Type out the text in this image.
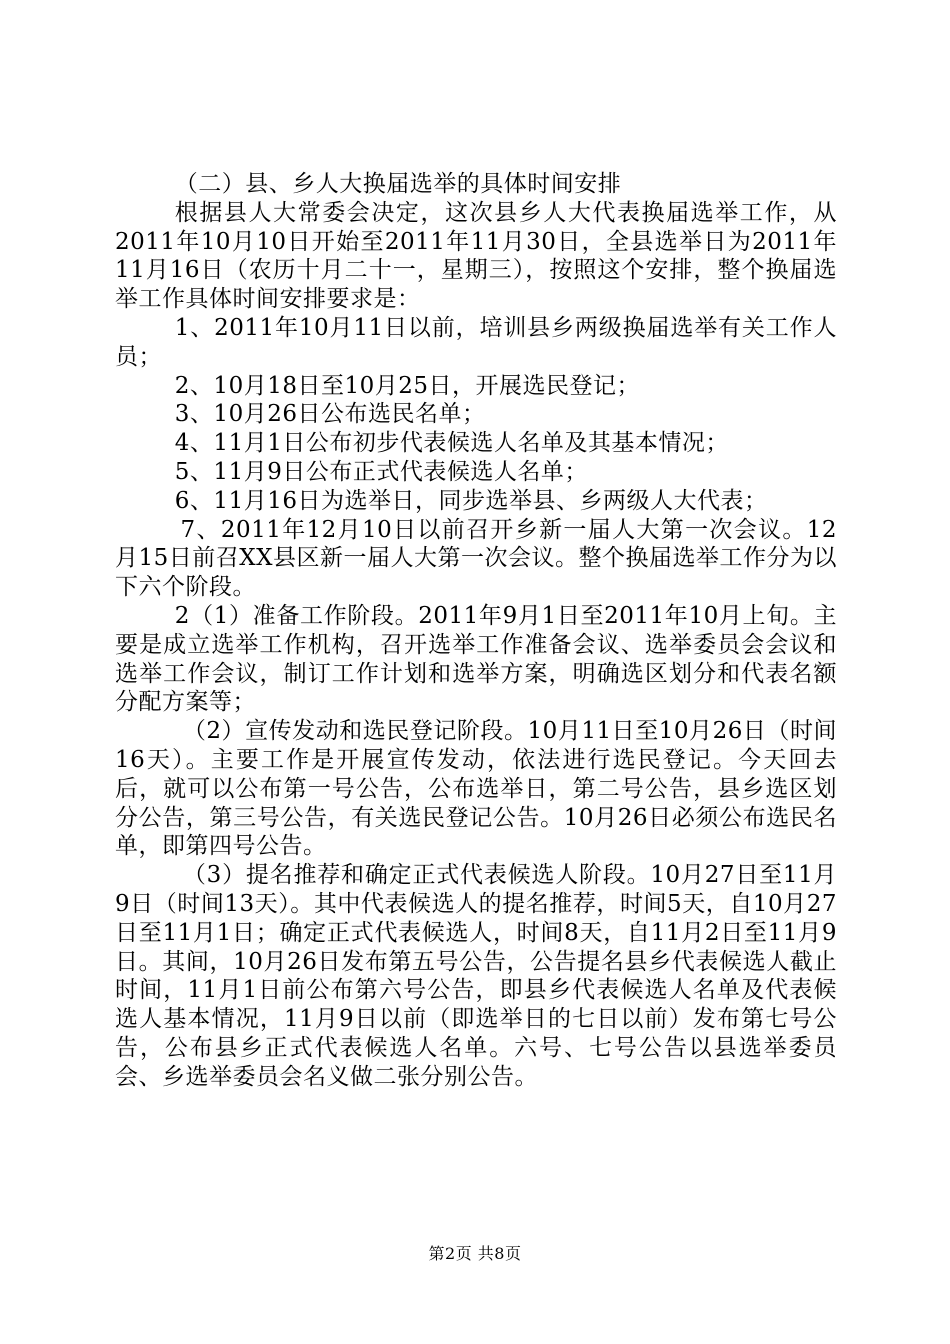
（二）县、乡人大换届选举的具体时间安排

根据县人大常委会决定，这次县乡人大代表换届选举工作，从2011年10月10日开始至2011年11月30日，全县选举日为2011年11月16日（农历十月二十一，星期三），按照这个安排，整个换届选举工作具体时间安排要求是：

1、2011年10月11日以前，培训县乡两级换届选举有关工作人员；

2、10月18日至10月25日，开展选民登记；

3、10月26日公布选民名单；

4、11月1日公布初步代表候选人名单及其基本情况；

5、11月9日公布正式代表候选人名单；

6、11月16日为选举日，同步选举县、乡两级人大代表；

7、2011年12月10日以前召开乡新一届人大第一次会议。12月15日前召XX县区新一届人大第一次会议。整个换届选举工作分为以下六个阶段。

2（1）准备工作阶段。2011年9月1日至2011年10月上旬。主要是成立选举工作机构，召开选举工作准备会议、选举委员会会议和选举工作会议，制订工作计划和选举方案，明确选区划分和代表名额分配方案等；

（2）宣传发动和选民登记阶段。10月11日至10月26日（时间16天）。主要工作是开展宣传发动，依法进行选民登记。今天回去后，就可以公布第一号公告，公布选举日，第二号公告，县乡选区划分公告，第三号公告，有关选民登记公告。10月26日必须公布选民名单，即第四号公告。

（3）提名推荐和确定正式代表候选人阶段。10月27日至11月9日（时间13天）。其中代表候选人的提名推荐，时间5天，自10月27日至11月1日；确定正式代表候选人，时间8天，自11月2日至11月9日。其间，10月26日发布第五号公告，公告提名县乡代表候选人截止时间，11月1日前公布第六号公告，即县乡代表候选人名单及代表候选人基本情况，11月9日以前（即选举日的七日以前）发布第七号公告，公布县乡正式代表候选人名单。六号、七号公告以县选举委员会、乡选举委员会名义做二张分别公告。

第2页 共8页
